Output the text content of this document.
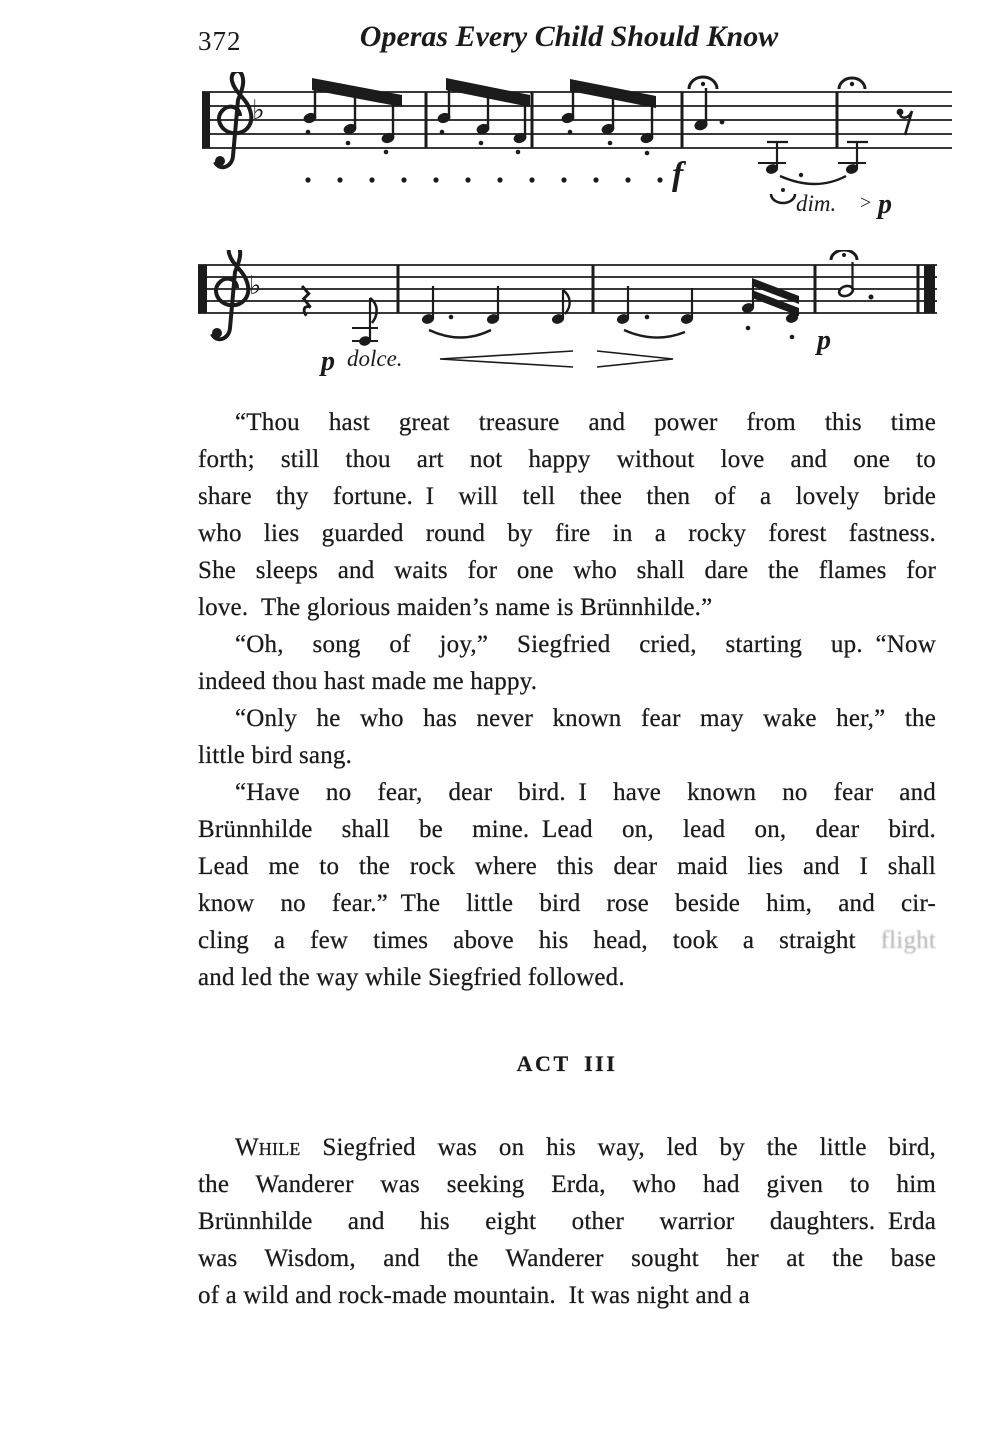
372	Operas Every Child Should Know
♭
f
dim. > p
♭
p dolce.
p
“Thou hast great treasure and power from this time
forth; still thou art not happy without love and one to
share thy fortune. I will tell thee then of a lovely bride
who lies guarded round by fire in a rocky forest fastness.
She sleeps and waits for one who shall dare the flames for
love. The glorious maiden’s name is Brünnhilde.”
“Oh, song of joy,” Siegfried cried, starting up. “Now
indeed thou hast made me happy.
“Only he who has never known fear may wake her,” the
little bird sang.
“Have no fear, dear bird. I have known no fear and
Brünnhilde shall be mine. Lead on, lead on, dear bird.
Lead me to the rock where this dear maid lies and I shall
know no fear.” The little bird rose beside him, and cir-
cling a few times above his head, took a straight flight
and led the way while Siegfried followed.
ACT III
While Siegfried was on his way, led by the little bird,
the Wanderer was seeking Erda, who had given to him
Brünnhilde and his eight other warrior daughters. Erda
was Wisdom, and the Wanderer sought her at the base
of a wild and rock-made mountain. It was night and a
